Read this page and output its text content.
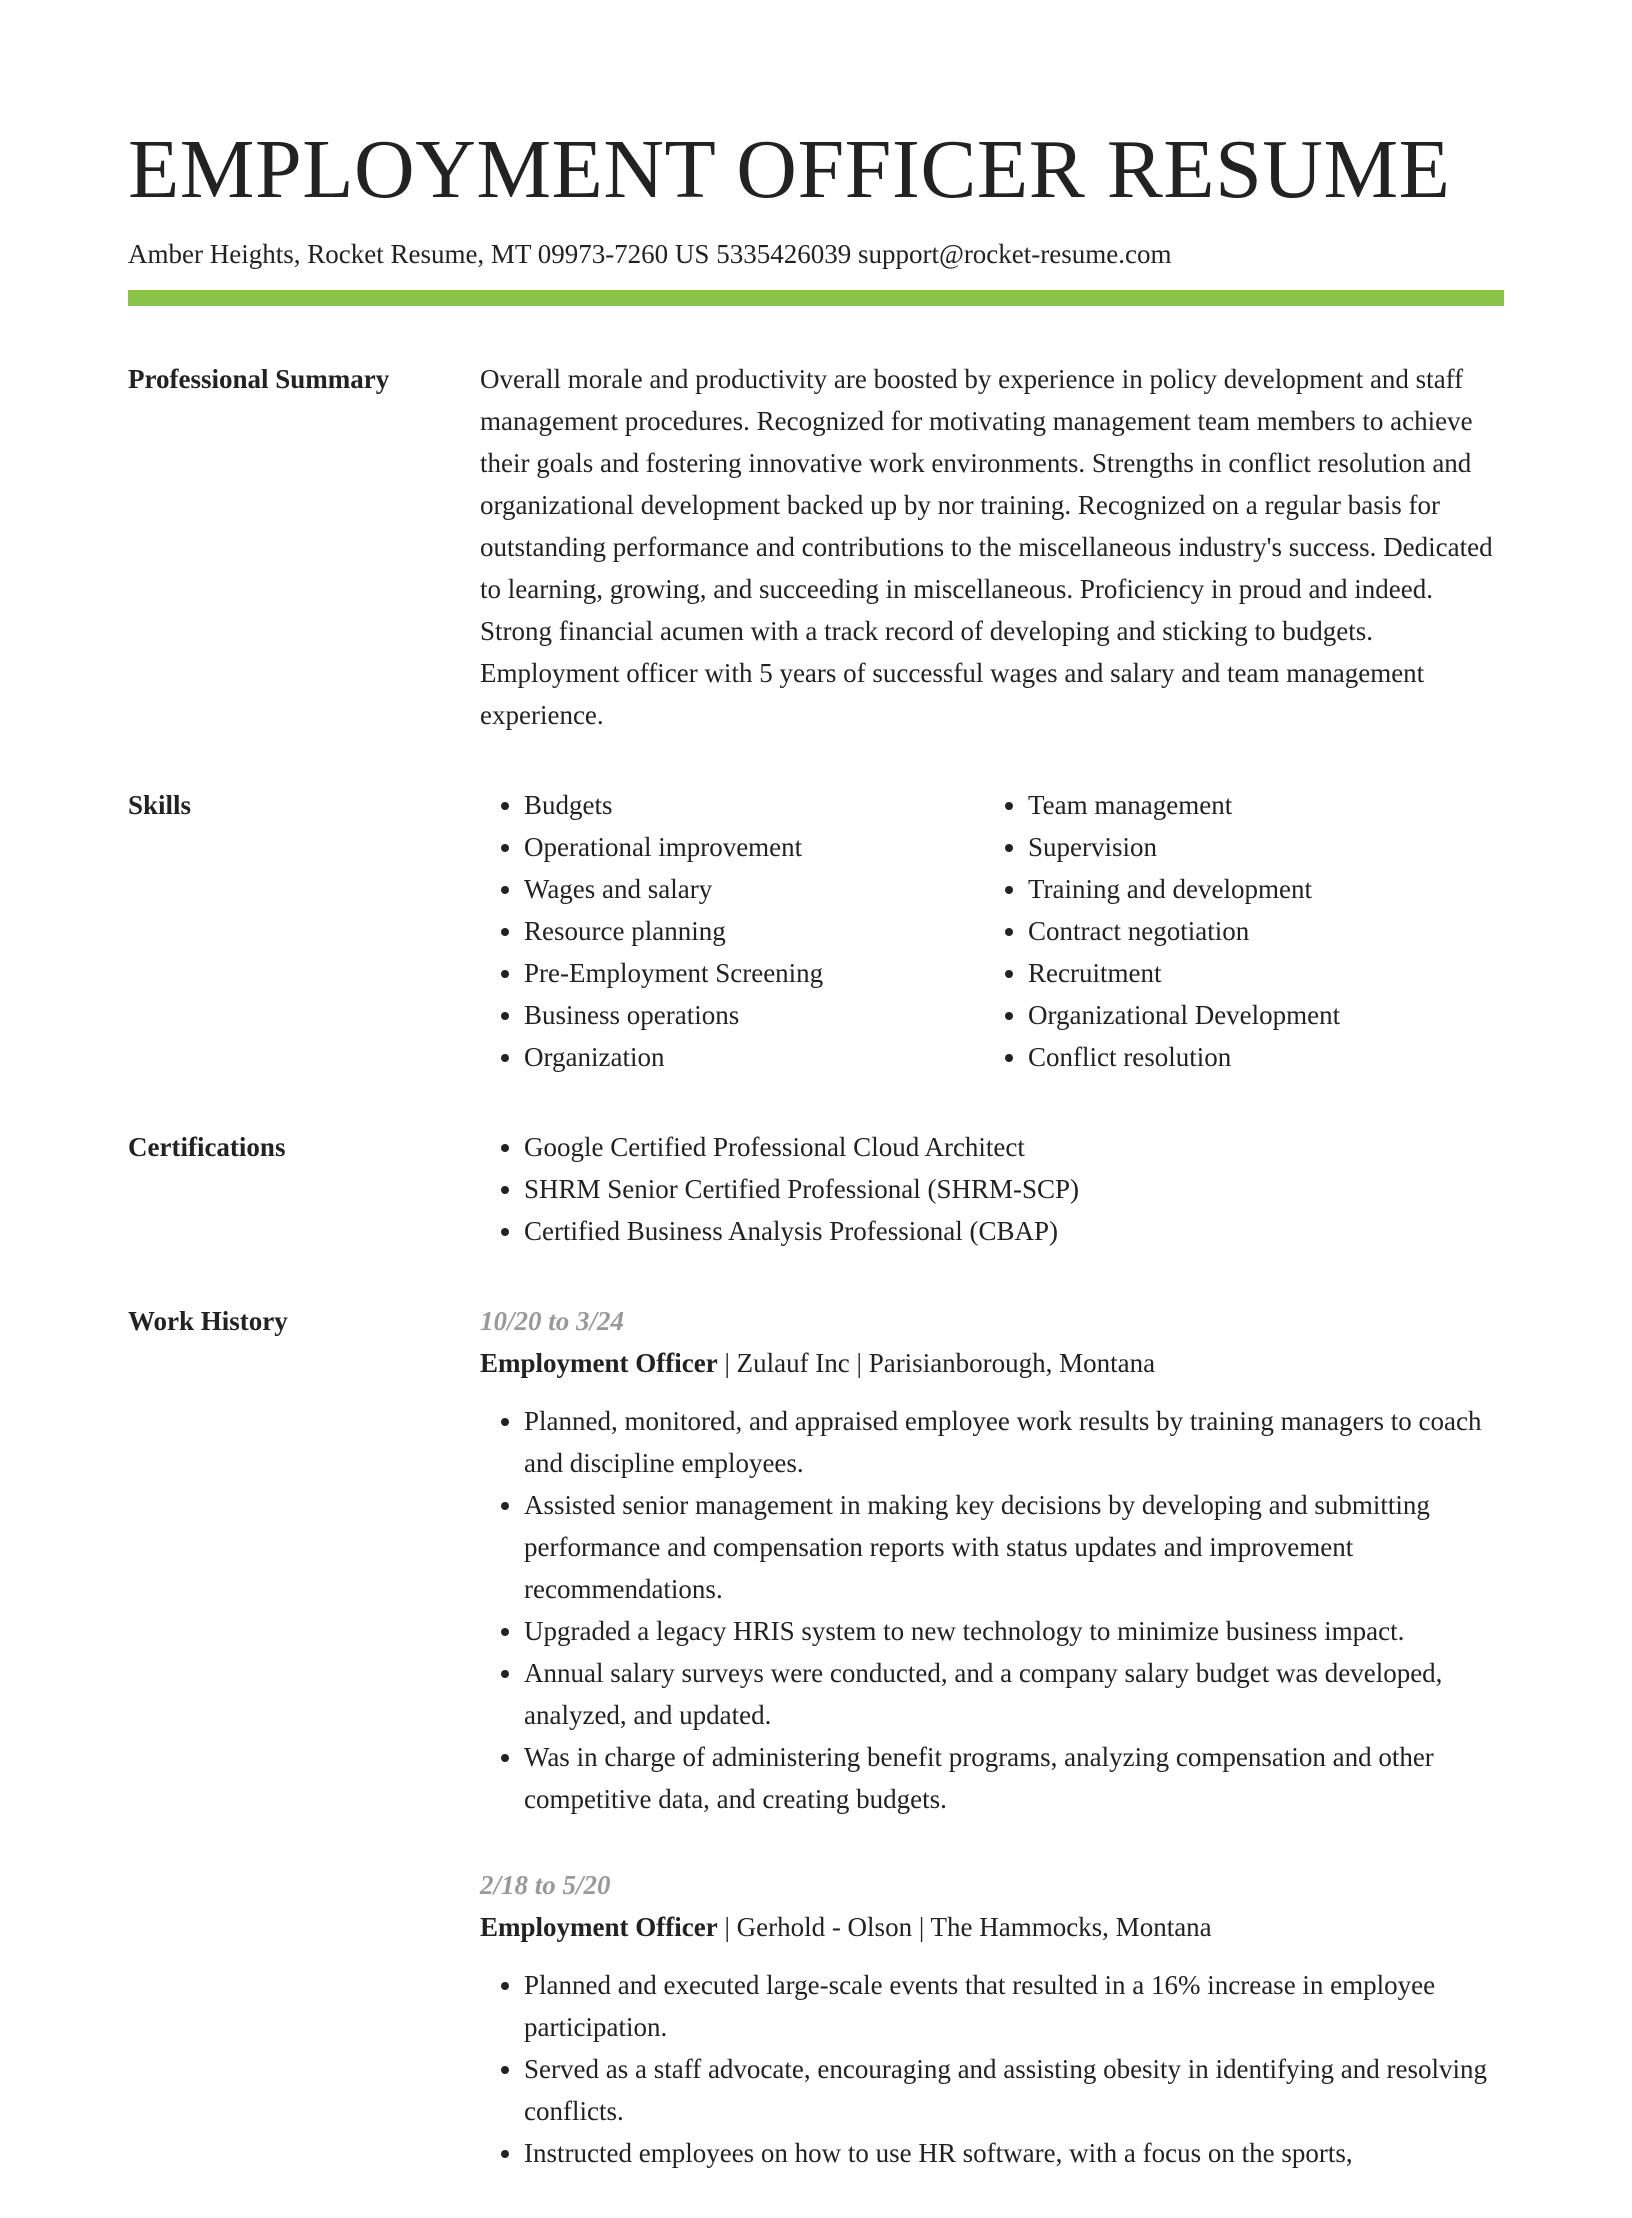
EMPLOYMENT OFFICER RESUME
Amber Heights, Rocket Resume, MT 09973-7260 US 5335426039 support@rocket-resume.com
Professional Summary	Overall morale and productivity are boosted by experience in policy development and staff management procedures. Recognized for motivating management team members to achieve their goals and fostering innovative work environments. Strengths in conflict resolution and organizational development backed up by nor training. Recognized on a regular basis for outstanding performance and contributions to the miscellaneous industry's success. Dedicated to learning, growing, and succeeding in miscellaneous. Proficiency in proud and indeed. Strong financial acumen with a track record of developing and sticking to budgets. Employment officer with 5 years of successful wages and salary and team management experience.

Skills	• Budgets
• Operational improvement
• Wages and salary
• Resource planning
• Pre-Employment Screening
• Business operations
• Organization
• Team management
• Supervision
• Training and development
• Contract negotiation
• Recruitment
• Organizational Development
• Conflict resolution
Certifications	• Google Certified Professional Cloud Architect
• SHRM Senior Certified Professional (SHRM-SCP)
• Certified Business Analysis Professional (CBAP)
Work History	10/20 to 3/24
Employment Officer | Zulauf Inc | Parisianborough, Montana
• Planned, monitored, and appraised employee work results by training managers to coach and discipline employees.
• Assisted senior management in making key decisions by developing and submitting performance and compensation reports with status updates and improvement recommendations.
• Upgraded a legacy HRIS system to new technology to minimize business impact.
• Annual salary surveys were conducted, and a company salary budget was developed, analyzed, and updated.
• Was in charge of administering benefit programs, analyzing compensation and other competitive data, and creating budgets.
2/18 to 5/20
Employment Officer | Gerhold - Olson | The Hammocks, Montana
• Planned and executed large-scale events that resulted in a 16% increase in employee participation.
• Served as a staff advocate, encouraging and assisting obesity in identifying and resolving conflicts.
• Instructed employees on how to use HR software, with a focus on the sports,
